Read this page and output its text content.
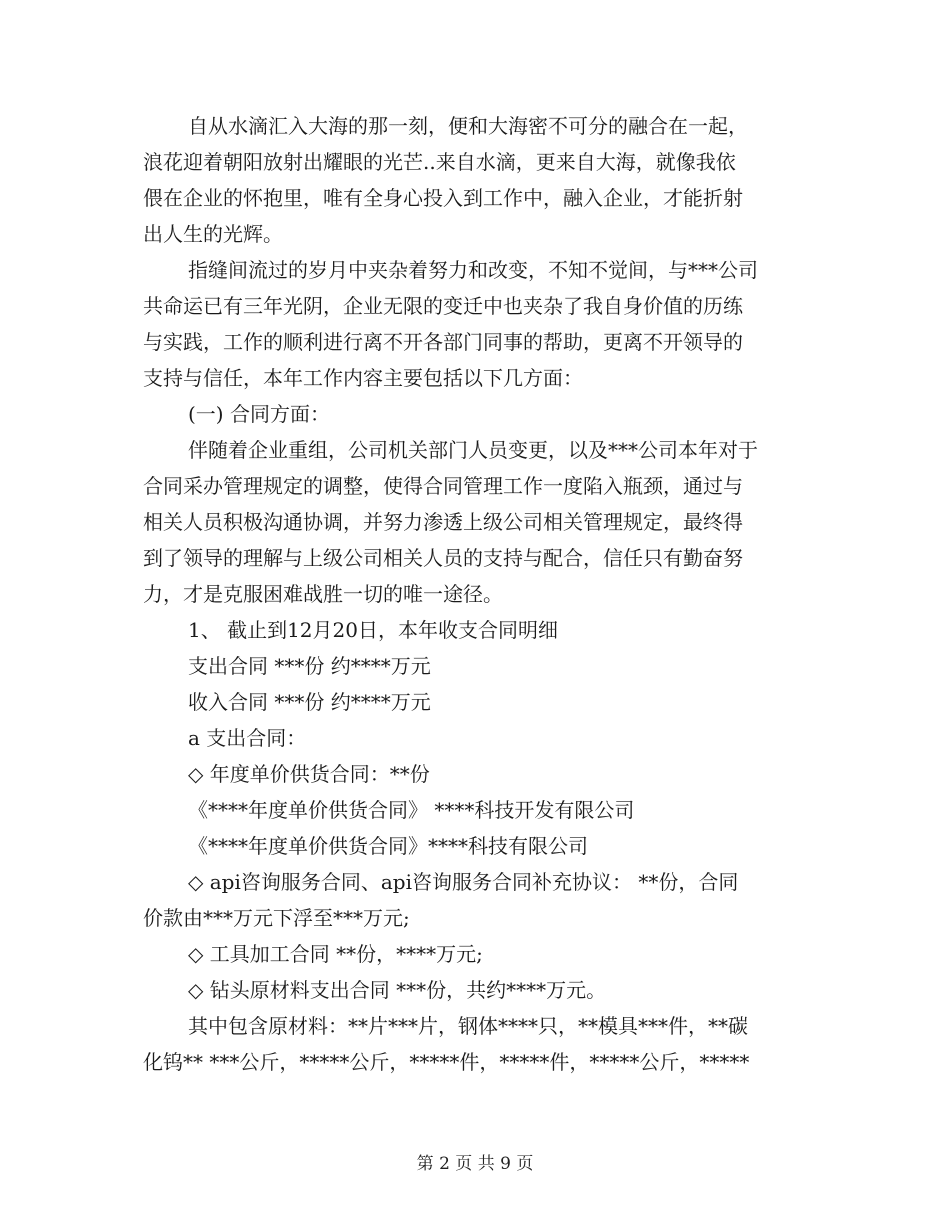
自从水滴汇入大海的那一刻，便和大海密不可分的融合在一起，
浪花迎着朝阳放射出耀眼的光芒..来自水滴，更来自大海，就像我依
偎在企业的怀抱里，唯有全身心投入到工作中，融入企业，才能折射
出人生的光辉。
指缝间流过的岁月中夹杂着努力和改变，不知不觉间，与***公司
共命运已有三年光阴，企业无限的变迁中也夹杂了我自身价值的历练
与实践，工作的顺利进行离不开各部门同事的帮助，更离不开领导的
支持与信任，本年工作内容主要包括以下几方面：
(一) 合同方面：
伴随着企业重组，公司机关部门人员变更，以及***公司本年对于
合同采办管理规定的调整，使得合同管理工作一度陷入瓶颈，通过与
相关人员积极沟通协调，并努力渗透上级公司相关管理规定，最终得
到了领导的理解与上级公司相关人员的支持与配合，信任只有勤奋努
力，才是克服困难战胜一切的唯一途径。
1、 截止到12月20日，本年收支合同明细
支出合同 ***份 约****万元
收入合同 ***份 约****万元
a 支出合同：
◇ 年度单价供货合同：**份
《****年度单价供货合同》 ****科技开发有限公司
《****年度单价供货合同》****科技有限公司
◇ api咨询服务合同、api咨询服务合同补充协议： **份，合同
价款由***万元下浮至***万元;
◇ 工具加工合同 **份，****万元;
◇ 钻头原材料支出合同 ***份，共约****万元。
其中包含原材料：**片***片，钢体****只，**模具***件，**碳
化钨** ***公斤，*****公斤，*****件，*****件，*****公斤，*****
第 2 页 共 9 页
